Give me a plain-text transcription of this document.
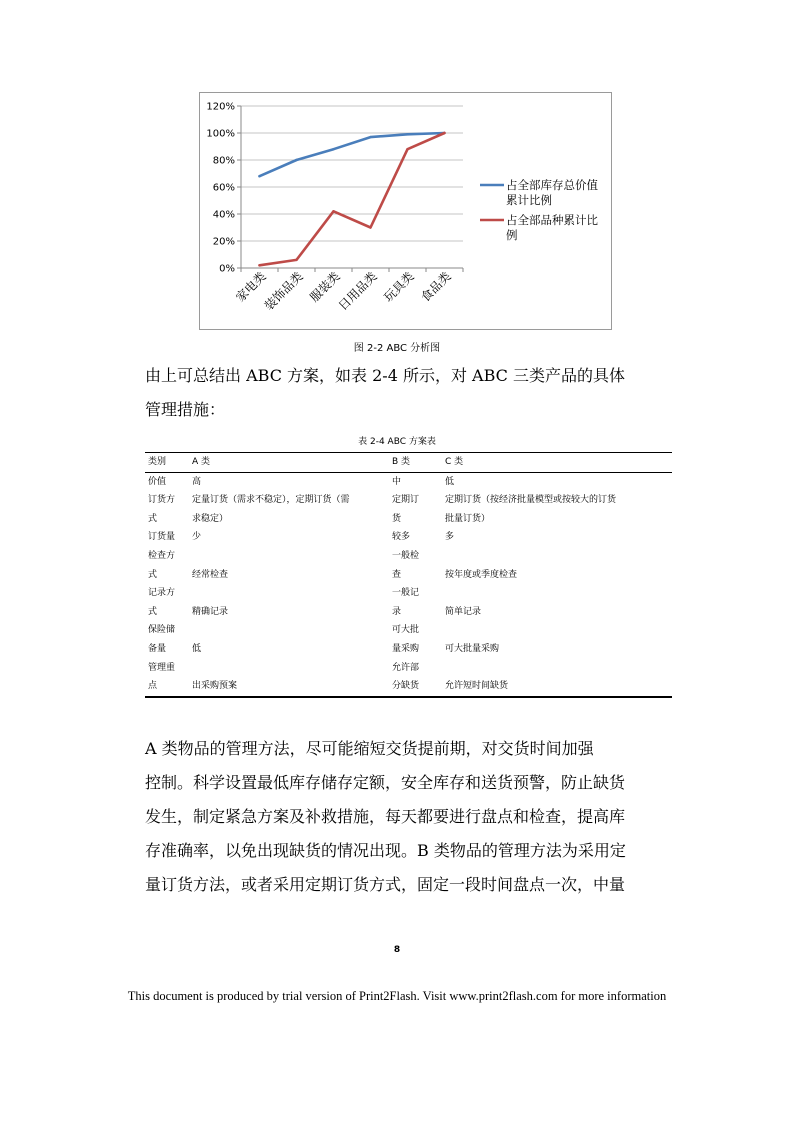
0%
20%
40%
60%
80%
100%
120%
家电类
装饰品类 服装类
日用品类 玩具类 食品类
占全部库存总价值
累计比例
占全部品种累计比
例
图 2-2 ABC 分析图
由上可总结出 ABC 方案，如表 2-4 所示，对 ABC 三类产品的具体
管理措施：
表 2-4 ABC 方案表
类别	A 类	B 类	C 类
价值	高	中	低
订货方	定量订货（需求不稳定），定期订货（需	定期订	定期订货（按经济批量模型或按较大的订货
式	求稳定）	货	批量订货）
订货量	少	较多	多
检查方		一般检	
式	经常检查	查	按年度或季度检查
记录方		一般记	
式	精确记录	录	简单记录
保险储		可大批	
备量	低	量采购	可大批量采购
管理重		允许部	
点	出采购预案	分缺货	允许短时间缺货
A 类物品的管理方法，尽可能缩短交货提前期，对交货时间加强
控制。科学设置最低库存储存定额，安全库存和送货预警，防止缺货
发生，制定紧急方案及补救措施，每天都要进行盘点和检查，提高库
存准确率，以免出现缺货的情况出现。B 类物品的管理方法为采用定
量订货方法，或者采用定期订货方式，固定一段时间盘点一次，中量
8
This document is produced by trial version of Print2Flash. Visit www.print2flash.com for more information
